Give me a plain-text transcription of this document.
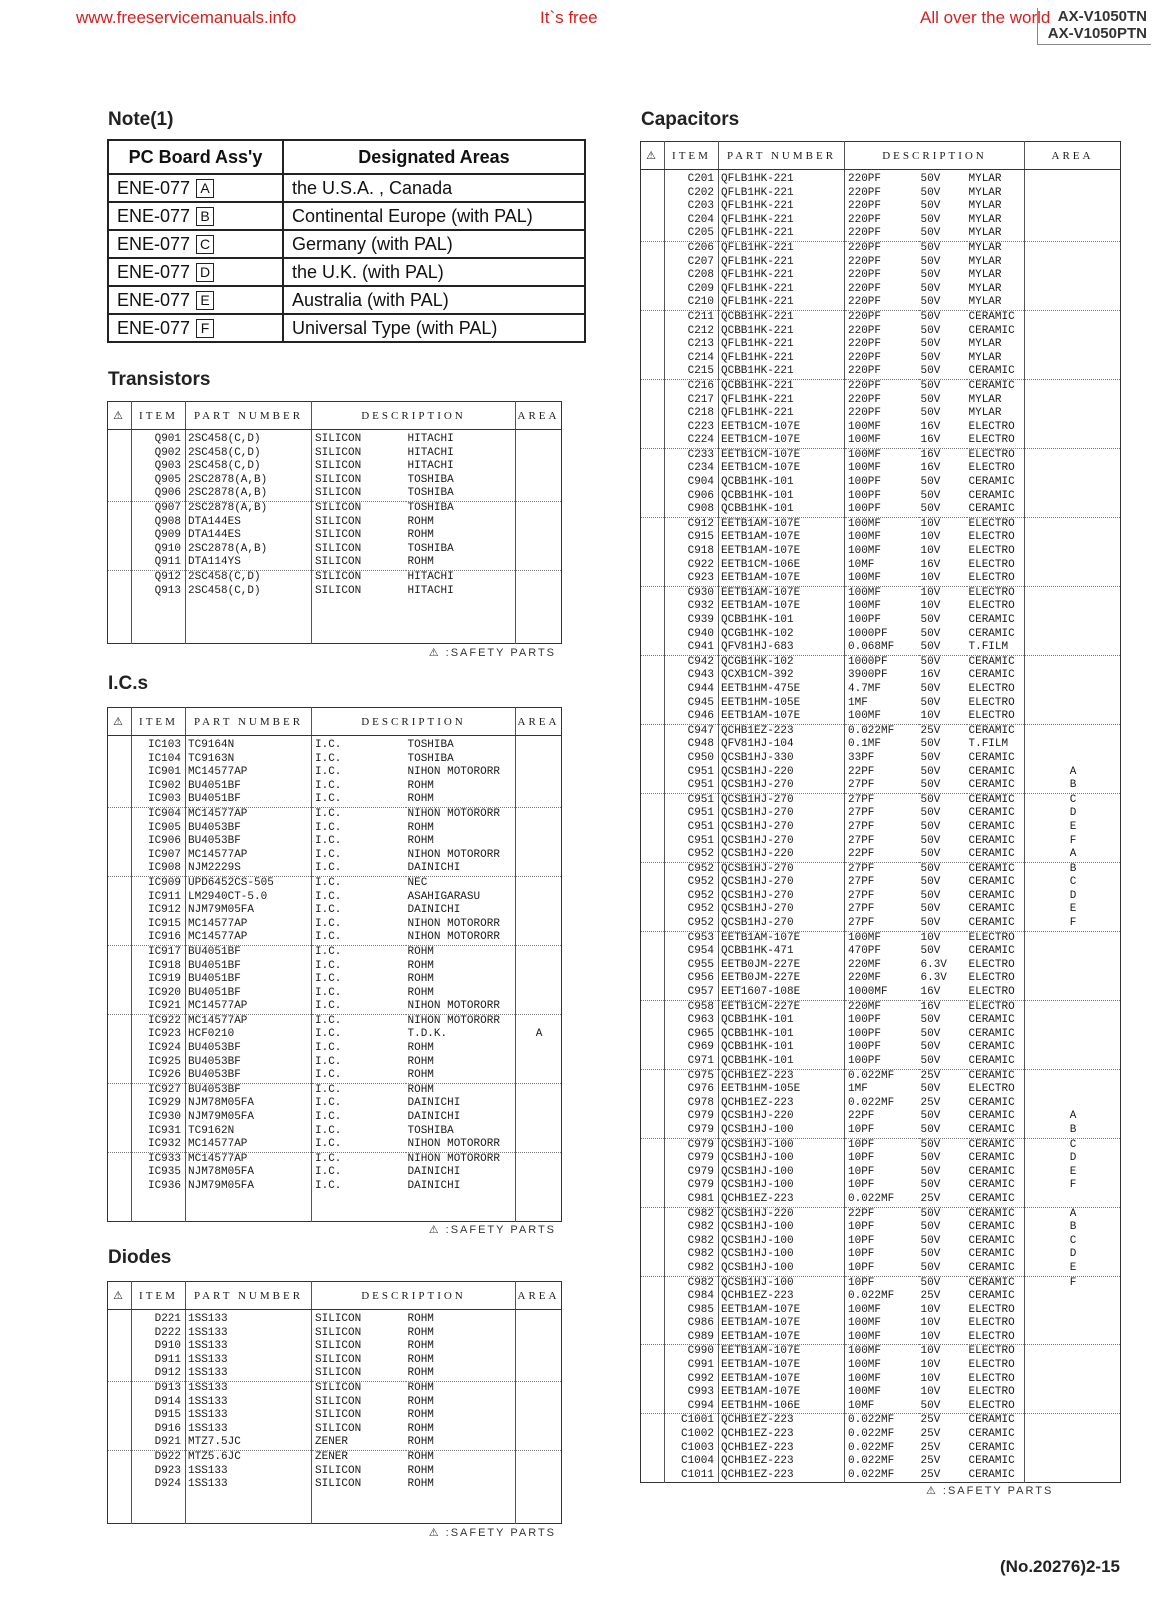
www.freeservicemanuals.info	It`s free	All over the world AX-V1050TN
AX-V1050PTN
Note(1)
PC Board Ass'y	Designated Areas
ENE-077 A	the U.S.A. , Canada
ENE-077 B	Continental Europe (with PAL)
ENE-077 C	Germany (with PAL)
ENE-077 D	the U.K. (with PAL)
ENE-077 E	Australia (with PAL)
ENE-077 F	Universal Type (with PAL)
Transistors
⚠	ITEM	PART NUMBER	DESCRIPTION		AREA
	Q901	2SC458(C,D)	SILICON	HITACHI	
	Q902	2SC458(C,D)	SILICON	HITACHI	
	Q903	2SC458(C,D)	SILICON	HITACHI	
	Q905	2SC2878(A,B)	SILICON	TOSHIBA	
	Q906	2SC2878(A,B)	SILICON	TOSHIBA	
	Q907	2SC2878(A,B)	SILICON	TOSHIBA	
	Q908	DTA144ES	SILICON	ROHM	
	Q909	DTA144ES	SILICON	ROHM	
	Q910	2SC2878(A,B)	SILICON	TOSHIBA	
	Q911	DTA114YS	SILICON	ROHM	
	Q912	2SC458(C,D)	SILICON	HITACHI	
	Q913	2SC458(C,D)	SILICON	HITACHI	

⚠ :SAFETY PARTS
I.C.s
⚠	ITEM	PART NUMBER	DESCRIPTION		AREA
	IC103	TC9164N	I.C.	TOSHIBA	
	IC104	TC9163N	I.C.	TOSHIBA	
	IC901	MC14577AP	I.C.	NIHON MOTORORR	
	IC902	BU4051BF	I.C.	ROHM	
	IC903	BU4051BF	I.C.	ROHM	
	IC904	MC14577AP	I.C.	NIHON MOTORORR	
	IC905	BU4053BF	I.C.	ROHM	
	IC906	BU4053BF	I.C.	ROHM	
	IC907	MC14577AP	I.C.	NIHON MOTORORR	
	IC908	NJM2229S	I.C.	DAINICHI	
	IC909	UPD6452CS-505	I.C.	NEC	
	IC911	LM2940CT-5.0	I.C.	ASAHIGARASU	
	IC912	NJM79M05FA	I.C.	DAINICHI	
	IC915	MC14577AP	I.C.	NIHON MOTORORR	
	IC916	MC14577AP	I.C.	NIHON MOTORORR	
	IC917	BU4051BF	I.C.	ROHM	
	IC918	BU4051BF	I.C.	ROHM	
	IC919	BU4051BF	I.C.	ROHM	
	IC920	BU4051BF	I.C.	ROHM	
	IC921	MC14577AP	I.C.	NIHON MOTORORR	
	IC922	MC14577AP	I.C.	NIHON MOTORORR	
	IC923	HCF0210	I.C.	T.D.K.	A
	IC924	BU4053BF	I.C.	ROHM	
	IC925	BU4053BF	I.C.	ROHM	
	IC926	BU4053BF	I.C.	ROHM	
	IC927	BU4053BF	I.C.	ROHM	
	IC929	NJM78M05FA	I.C.	DAINICHI	
	IC930	NJM79M05FA	I.C.	DAINICHI	
	IC931	TC9162N	I.C.	TOSHIBA	
	IC932	MC14577AP	I.C.	NIHON MOTORORR	
	IC933	MC14577AP	I.C.	NIHON MOTORORR	
	IC935	NJM78M05FA	I.C.	DAINICHI	
	IC936	NJM79M05FA	I.C.	DAINICHI	

⚠ :SAFETY PARTS
Diodes
⚠	ITEM	PART NUMBER	DESCRIPTION		AREA
	D221	1SS133	SILICON	ROHM	
	D222	1SS133	SILICON	ROHM	
	D910	1SS133	SILICON	ROHM	
	D911	1SS133	SILICON	ROHM	
	D912	1SS133	SILICON	ROHM	
	D913	1SS133	SILICON	ROHM	
	D914	1SS133	SILICON	ROHM	
	D915	1SS133	SILICON	ROHM	
	D916	1SS133	SILICON	ROHM	
	D921	MTZ7.5JC	ZENER	ROHM	
	D922	MTZ5.6JC	ZENER	ROHM	
	D923	1SS133	SILICON	ROHM	
	D924	1SS133	SILICON	ROHM	

⚠ :SAFETY PARTS
Capacitors
⚠	ITEM	PART NUMBER	DESCRIPTION			AREA
	C201	QFLB1HK-221	220PF	50V	MYLAR	
	C202	QFLB1HK-221	220PF	50V	MYLAR	
	C203	QFLB1HK-221	220PF	50V	MYLAR	
	C204	QFLB1HK-221	220PF	50V	MYLAR	
	C205	QFLB1HK-221	220PF	50V	MYLAR	
	C206	QFLB1HK-221	220PF	50V	MYLAR	
	C207	QFLB1HK-221	220PF	50V	MYLAR	
	C208	QFLB1HK-221	220PF	50V	MYLAR	
	C209	QFLB1HK-221	220PF	50V	MYLAR	
	C210	QFLB1HK-221	220PF	50V	MYLAR	
	C211	QCBB1HK-221	220PF	50V	CERAMIC	
	C212	QCBB1HK-221	220PF	50V	CERAMIC	
	C213	QFLB1HK-221	220PF	50V	MYLAR	
	C214	QFLB1HK-221	220PF	50V	MYLAR	
	C215	QCBB1HK-221	220PF	50V	CERAMIC	
	C216	QCBB1HK-221	220PF	50V	CERAMIC	
	C217	QFLB1HK-221	220PF	50V	MYLAR	
	C218	QFLB1HK-221	220PF	50V	MYLAR	
	C223	EETB1CM-107E	100MF	16V	ELECTRO	
	C224	EETB1CM-107E	100MF	16V	ELECTRO	
	C233	EETB1CM-107E	100MF	16V	ELECTRO	
	C234	EETB1CM-107E	100MF	16V	ELECTRO	
	C904	QCBB1HK-101	100PF	50V	CERAMIC	
	C906	QCBB1HK-101	100PF	50V	CERAMIC	
	C908	QCBB1HK-101	100PF	50V	CERAMIC	
	C912	EETB1AM-107E	100MF	10V	ELECTRO	
	C915	EETB1AM-107E	100MF	10V	ELECTRO	
	C918	EETB1AM-107E	100MF	10V	ELECTRO	
	C922	EETB1CM-106E	10MF	16V	ELECTRO	
	C923	EETB1AM-107E	100MF	10V	ELECTRO	
	C930	EETB1AM-107E	100MF	10V	ELECTRO	
	C932	EETB1AM-107E	100MF	10V	ELECTRO	
	C939	QCBB1HK-101	100PF	50V	CERAMIC	
	C940	QCGB1HK-102	1000PF	50V	CERAMIC	
	C941	QFV81HJ-683	0.068MF	50V	T.FILM	
	C942	QCGB1HK-102	1000PF	50V	CERAMIC	
	C943	QCXB1CM-392	3900PF	16V	CERAMIC	
	C944	EETB1HM-475E	4.7MF	50V	ELECTRO	
	C945	EETB1HM-105E	1MF	50V	ELECTRO	
	C946	EETB1AM-107E	100MF	10V	ELECTRO	
	C947	QCHB1EZ-223	0.022MF	25V	CERAMIC	
	C948	QFV81HJ-104	0.1MF	50V	T.FILM	
	C950	QCSB1HJ-330	33PF	50V	CERAMIC	
	C951	QCSB1HJ-220	22PF	50V	CERAMIC	A
	C951	QCSB1HJ-270	27PF	50V	CERAMIC	B
	C951	QCSB1HJ-270	27PF	50V	CERAMIC	C
	C951	QCSB1HJ-270	27PF	50V	CERAMIC	D
	C951	QCSB1HJ-270	27PF	50V	CERAMIC	E
	C951	QCSB1HJ-270	27PF	50V	CERAMIC	F
	C952	QCSB1HJ-220	22PF	50V	CERAMIC	A
	C952	QCSB1HJ-270	27PF	50V	CERAMIC	B
	C952	QCSB1HJ-270	27PF	50V	CERAMIC	C
	C952	QCSB1HJ-270	27PF	50V	CERAMIC	D
	C952	QCSB1HJ-270	27PF	50V	CERAMIC	E
	C952	QCSB1HJ-270	27PF	50V	CERAMIC	F
	C953	EETB1AM-107E	100MF	10V	ELECTRO	
	C954	QCBB1HK-471	470PF	50V	CERAMIC	
	C955	EETB0JM-227E	220MF	6.3V	ELECTRO	
	C956	EETB0JM-227E	220MF	6.3V	ELECTRO	
	C957	EET1607-108E	1000MF	16V	ELECTRO	
	C958	EETB1CM-227E	220MF	16V	ELECTRO	
	C963	QCBB1HK-101	100PF	50V	CERAMIC	
	C965	QCBB1HK-101	100PF	50V	CERAMIC	
	C969	QCBB1HK-101	100PF	50V	CERAMIC	
	C971	QCBB1HK-101	100PF	50V	CERAMIC	
	C975	QCHB1EZ-223	0.022MF	25V	CERAMIC	
	C976	EETB1HM-105E	1MF	50V	ELECTRO	
	C978	QCHB1EZ-223	0.022MF	25V	CERAMIC	
	C979	QCSB1HJ-220	22PF	50V	CERAMIC	A
	C979	QCSB1HJ-100	10PF	50V	CERAMIC	B
	C979	QCSB1HJ-100	10PF	50V	CERAMIC	C
	C979	QCSB1HJ-100	10PF	50V	CERAMIC	D
	C979	QCSB1HJ-100	10PF	50V	CERAMIC	E
	C979	QCSB1HJ-100	10PF	50V	CERAMIC	F
	C981	QCHB1EZ-223	0.022MF	25V	CERAMIC	
	C982	QCSB1HJ-220	22PF	50V	CERAMIC	A
	C982	QCSB1HJ-100	10PF	50V	CERAMIC	B
	C982	QCSB1HJ-100	10PF	50V	CERAMIC	C
	C982	QCSB1HJ-100	10PF	50V	CERAMIC	D
	C982	QCSB1HJ-100	10PF	50V	CERAMIC	E
	C982	QCSB1HJ-100	10PF	50V	CERAMIC	F
	C984	QCHB1EZ-223	0.022MF	25V	CERAMIC	
	C985	EETB1AM-107E	100MF	10V	ELECTRO	
	C986	EETB1AM-107E	100MF	10V	ELECTRO	
	C989	EETB1AM-107E	100MF	10V	ELECTRO	
	C990	EETB1AM-107E	100MF	10V	ELECTRO	
	C991	EETB1AM-107E	100MF	10V	ELECTRO	
	C992	EETB1AM-107E	100MF	10V	ELECTRO	
	C993	EETB1AM-107E	100MF	10V	ELECTRO	
	C994	EETB1HM-106E	10MF	50V	ELECTRO	
	C1001	QCHB1EZ-223	0.022MF	25V	CERAMIC	
	C1002	QCHB1EZ-223	0.022MF	25V	CERAMIC	
	C1003	QCHB1EZ-223	0.022MF	25V	CERAMIC	
	C1004	QCHB1EZ-223	0.022MF	25V	CERAMIC	
	C1011	QCHB1EZ-223	0.022MF	25V	CERAMIC	

⚠ :SAFETY PARTS
(No.20276)2-15
